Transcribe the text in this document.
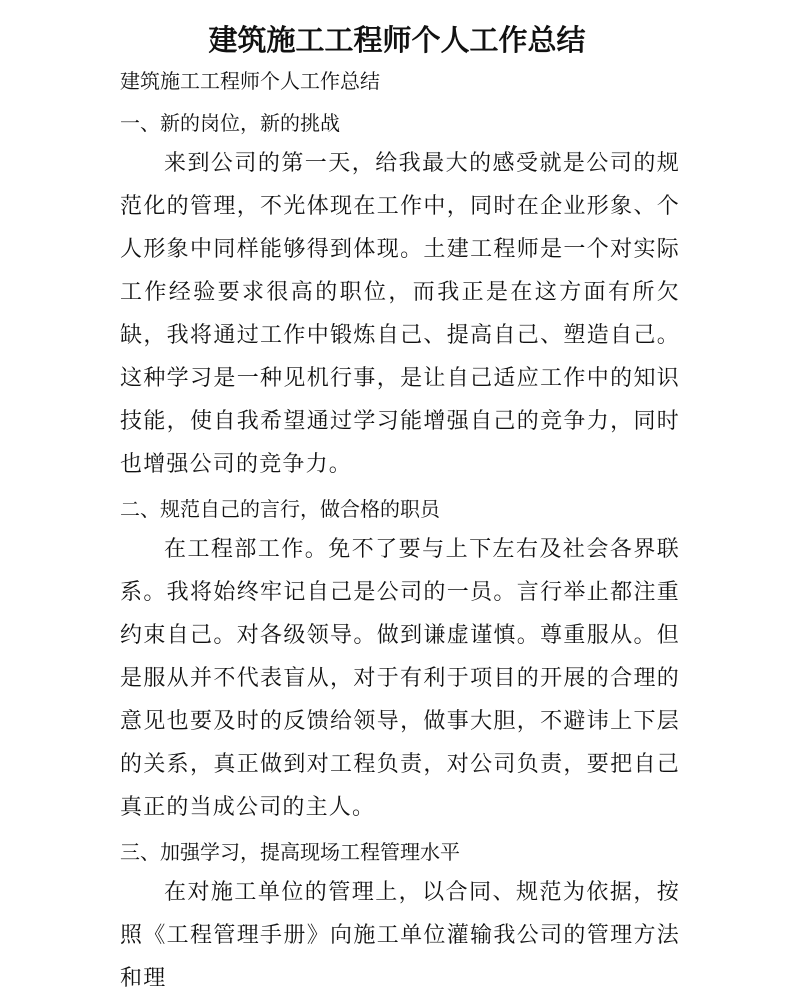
建筑施工工程师个人工作总结

建筑施工工程师个人工作总结

一、新的岗位，新的挑战

来到公司的第一天，给我最大的感受就是公司的规范化的管理，不光体现在工作中，同时在企业形象、个人形象中同样能够得到体现。土建工程师是一个对实际工作经验要求很高的职位，而我正是在这方面有所欠缺，我将通过工作中锻炼自己、提高自己、塑造自己。这种学习是一种见机行事，是让自己适应工作中的知识技能，使自我希望通过学习能增强自己的竞争力，同时也增强公司的竞争力。

二、规范自己的言行，做合格的职员

在工程部工作。免不了要与上下左右及社会各界联系。我将始终牢记自己是公司的一员。言行举止都注重约束自己。对各级领导。做到谦虚谨慎。尊重服从。但是服从并不代表盲从，对于有利于项目的开展的合理的意见也要及时的反馈给领导，做事大胆，不避讳上下层的关系，真正做到对工程负责，对公司负责，要把自己真正的当成公司的主人。

三、加强学习，提高现场工程管理水平

在对施工单位的管理上，以合同、规范为依据，按照《工程管理手册》向施工单位灌输我公司的管理方法和理
